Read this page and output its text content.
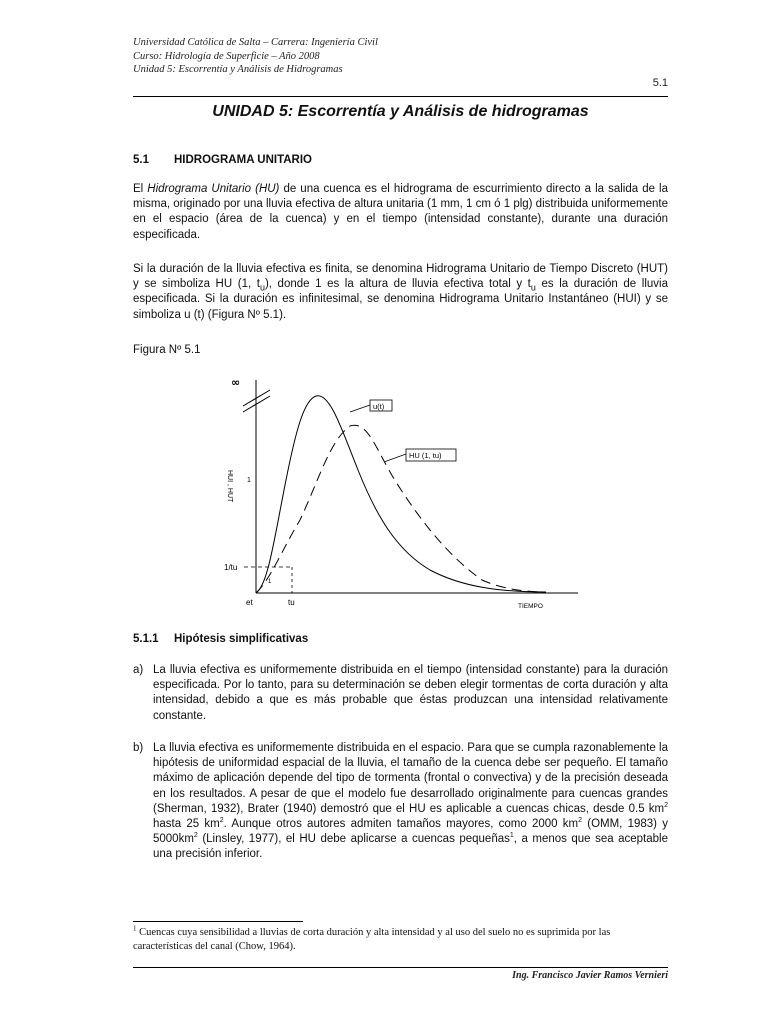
Universidad Católica de Salta – Carrera: Ingeniería Civil
Curso: Hidrología de Superficie – Año 2008
Unidad 5: Escorrentía y Análisis de Hidrogramas
5.1
UNIDAD 5: Escorrentía y Análisis de hidrogramas
5.1 HIDROGRAMA UNITARIO
El Hidrograma Unitario (HU) de una cuenca es el hidrograma de escurrimiento directo a la salida de la misma, originado por una lluvia efectiva de altura unitaria (1 mm, 1 cm ó 1 plg) distribuida uniformemente en el espacio (área de la cuenca) y en el tiempo (intensidad constante), durante una duración especificada.
Si la duración de la lluvia efectiva es finita, se denomina Hidrograma Unitario de Tiempo Discreto (HUT) y se simboliza HU (1, $t_u$), donde 1 es la altura de lluvia efectiva total y $t_u$ es la duración de lluvia especificada. Si la duración es infinitesimal, se denomina Hidrograma Unitario Instantáneo (HUI) y se simboliza u (t) (Figura Nº 5.1).
Figura Nº 5.1
∞
HUI , HUT 1
1/tu
1
et	tu	TIEMPO
u(t)
HU (1, tu)
5.1.1 Hipótesis simplificativas
a) La lluvia efectiva es uniformemente distribuida en el tiempo (intensidad constante) para la duración especificada. Por lo tanto, para su determinación se deben elegir tormentas de corta duración y alta intensidad, debido a que es más probable que éstas produzcan una intensidad relativamente constante.
b) La lluvia efectiva es uniformemente distribuida en el espacio. Para que se cumpla razonablemente la hipótesis de uniformidad espacial de la lluvia, el tamaño de la cuenca debe ser pequeño. El tamaño máximo de aplicación depende del tipo de tormenta (frontal o convectiva) y de la precisión deseada en los resultados. A pesar de que el modelo fue desarrollado originalmente para cuencas grandes (Sherman, 1932), Brater (1940) demostró que el HU es aplicable a cuencas chicas, desde 0.5 $km^2$ hasta 25 $km^2$. Aunque otros autores admiten tamaños mayores, como 2000 $km^2$ (OMM, 1983) y $5000km^2$ (Linsley, 1977), el HU debe aplicarse a cuencas pequeñas$^1$, a menos que sea aceptable una precisión inferior.
$^1$ Cuencas cuya sensibilidad a lluvias de corta duración y alta intensidad y al uso del suelo no es suprimida por las características del canal (Chow, 1964).
Ing. Francisco Javier Ramos Vernieri
